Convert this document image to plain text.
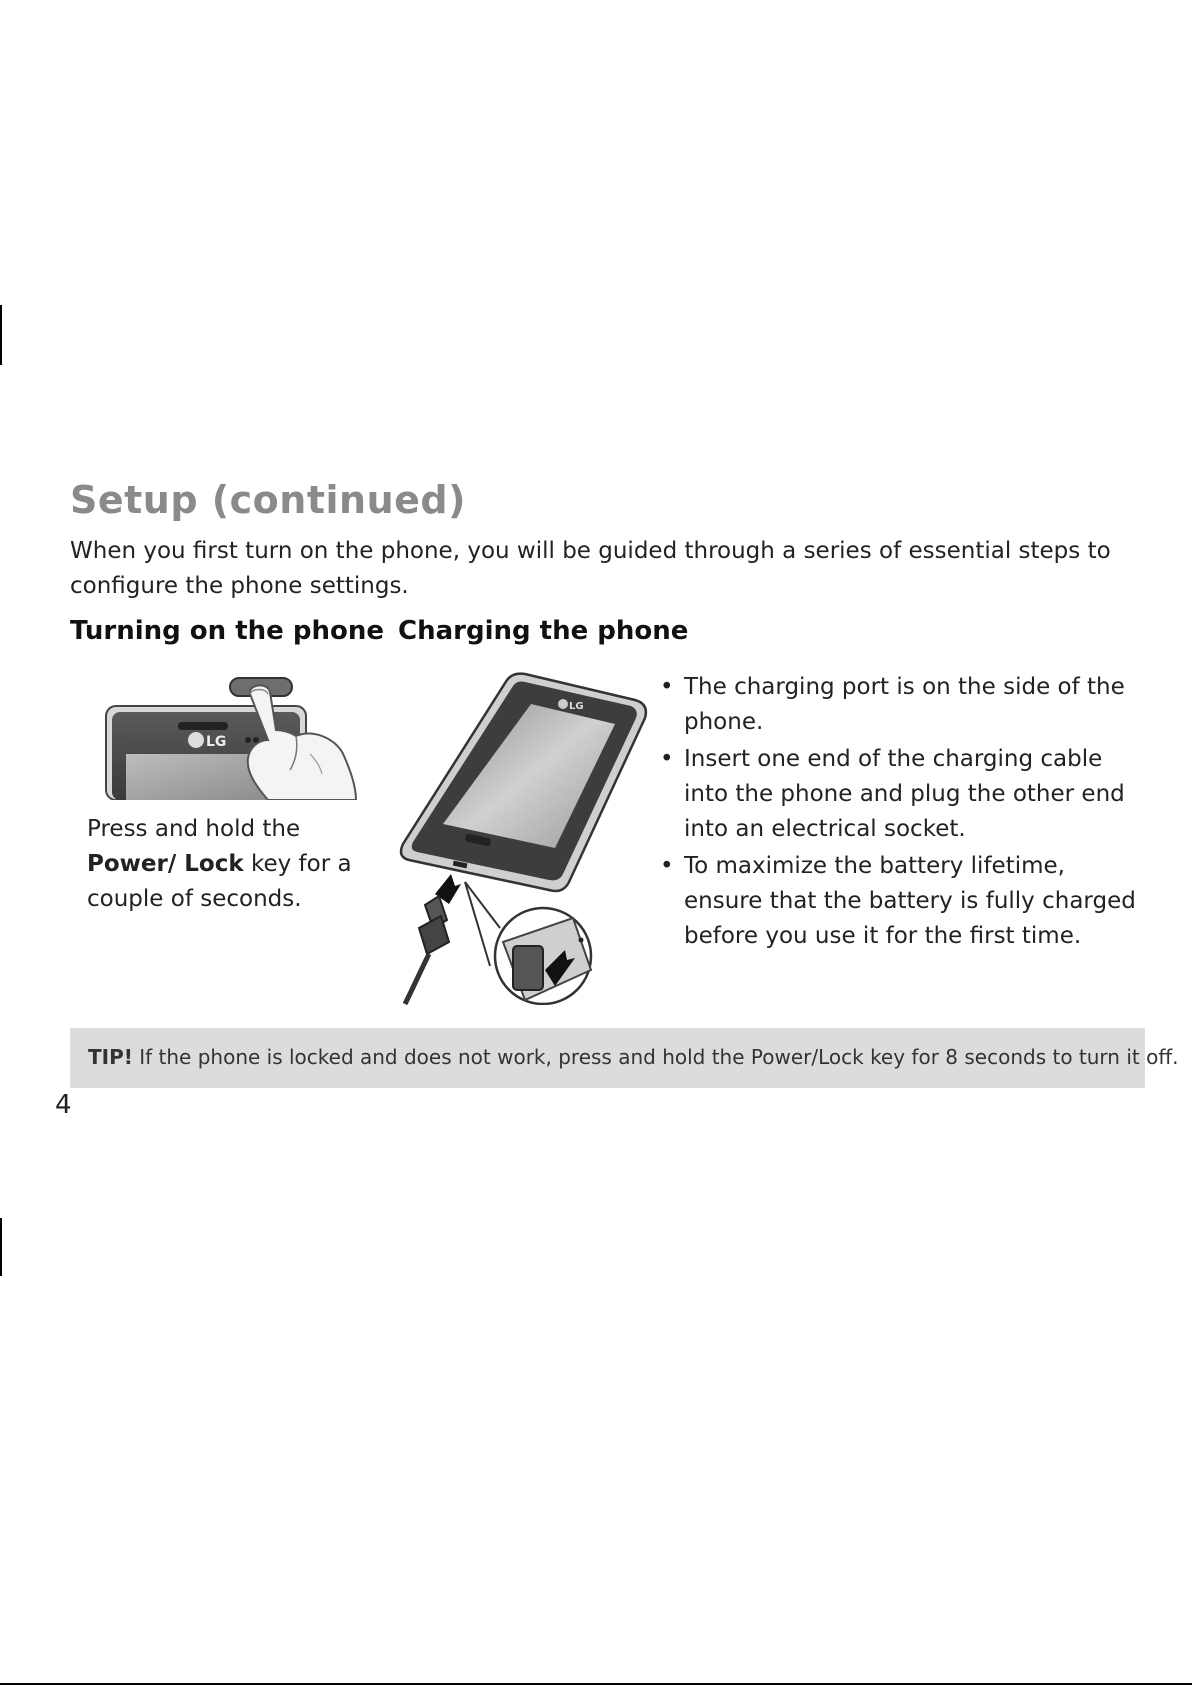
Setup (continued)

When you first turn on the phone, you will be guided through a series of essential steps to configure the phone settings.

Turning on the phone Charging the phone
LG

Press and hold the Power/ Lock key for a couple of seconds.

LG
• The charging port is on the side of the phone.
• Insert one end of the charging cable into the phone and plug the other end into an electrical socket.
• To maximize the battery lifetime, ensure that the battery is fully charged before you use it for the first time.

TIP! If the phone is locked and does not work, press and hold the Power/Lock key for 8 seconds to turn it off.

4
